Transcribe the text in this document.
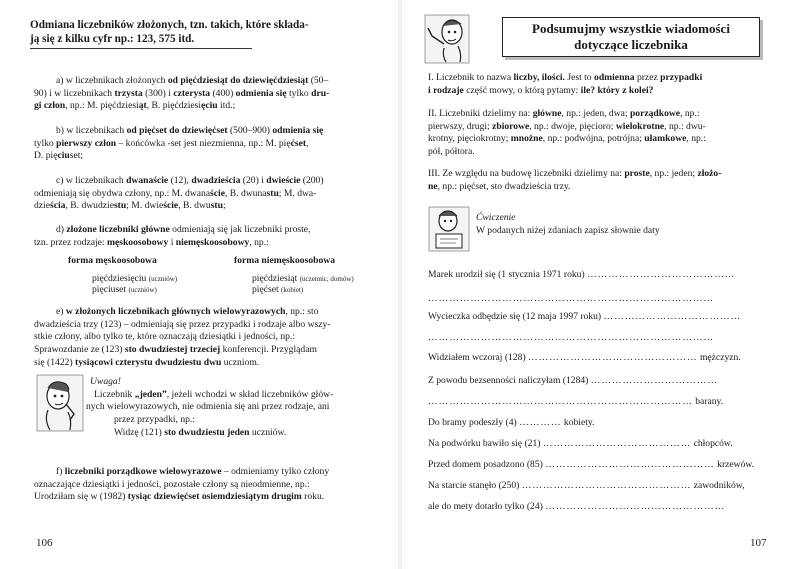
Odmiana liczebników złożonych, tzn. takich, które składa-
ją się z kilku cyfr np.: 123, 575 itd.
a) w liczebnikach złożonych od pięćdziesiąt do dziewięćdziesiąt (50–
90) i w liczebnikach trzysta (300) i czterysta (400) odmienia się tylko dru-
gi człon, np.: M. pięćdziesiąt, B. pięćdziesięciu itd.;
b) w liczebnikach od pięćset do dziewięćset (500–900) odmienia się
tylko pierwszy człon – końcówka -set jest niezmienna, np.: M. pięćset,
D. pięciuset;
c) w liczebnikach dwanaście (12), dwadzieścia (20) i dwieście (200)
odmieniają się obydwa człony, np.: M. dwanaście, B. dwunastu; M. dwa-
dzieścia, B. dwudziestu; M. dwieście, B. dwustu;
d) złożone liczebniki główne odmieniają się jak liczebniki proste,
tzn. przez rodzaje: męskoosobowy i niemęskoosobowy, np.:
forma męskoosobowa	forma niemęskoosobowa
pięćdziesięciu (uczniów)
pięciuset (uczniów)
pięćdziesiąt (uczennic, domów)
pięćset (kobiet)
e) w złożonych liczebnikach głównych wielowyrazowych, np.: sto
dwadzieścia trzy (123) – odmieniają się przez przypadki i rodzaje albo wszy-
stkie człony, albo tylko te, które oznaczają dziesiątki i jedności, np.:
Sprawozdanie ze (123) sto dwudziestej trzeciej konferencji. Przyglądam
się (1422) tysiącowi czterystu dwudziestu dwu uczniom.
Uwaga!
Liczebnik „jeden”, jeżeli wchodzi w skład liczebników głów-
nych wielowyrazowych, nie odmienia się ani przez rodzaje, ani
przez przypadki, np.:
Widzę (121) sto dwudziestu jeden uczniów.
f) liczebniki porządkowe wielowyrazowe – odmieniamy tylko człony
oznaczające dziesiątki i jedności, pozostałe człony są nieodmienne, np.:
Urodziłam się w (1982) tysiąc dziewięćset osiemdziesiątym drugim roku.
106
Podsumujmy wszystkie wiadomości
dotyczące liczebnika
I. Liczebnik to nazwa liczby, ilości. Jest to odmienna przez przypadki
i rodzaje część mowy, o którą pytamy: ile? który z kolei?
II. Liczebniki dzielimy na: główne, np.: jeden, dwa; porządkowe, np.:
pierwszy, drugi; zbiorowe, np.: dwoje, pięcioro; wielokrotne, np.: dwu-
krotny, pięciokrotny; mnożne, np.: podwójna, potrójna; ułamkowe, np.:
pół, półtora.
III. Ze względu na budowę liczebniki dzielimy na: proste, np.: jeden; złożo-
ne, np.: pięćset, sto dwadzieścia trzy.
Ćwiczenie
W podanych niżej zdaniach zapisz słownie daty
Marek urodził się (1 stycznia 1971 roku) ……………………………………
………………………………………………………………………
Wycieczka odbędzie się (12 maja 1997 roku) …………………………………
………………………………………………………………………
Widziałem wczoraj (128) ………………………………………… mężczyzn.
Z powodu bezsenności naliczyłam (1284) ………………………………
………………………………………………………………… barany.
Do bramy podeszły (4) ………… kobiety.
Na podwórku bawiło się (21) …………………………………… chłopców.
Przed domem posadzono (85) ………………………………………… krzewów.
Na starcie stanęło (250) ………………………………………… zawodników,
ale do mety dotarło tylko (24) ……………………………………………
107
